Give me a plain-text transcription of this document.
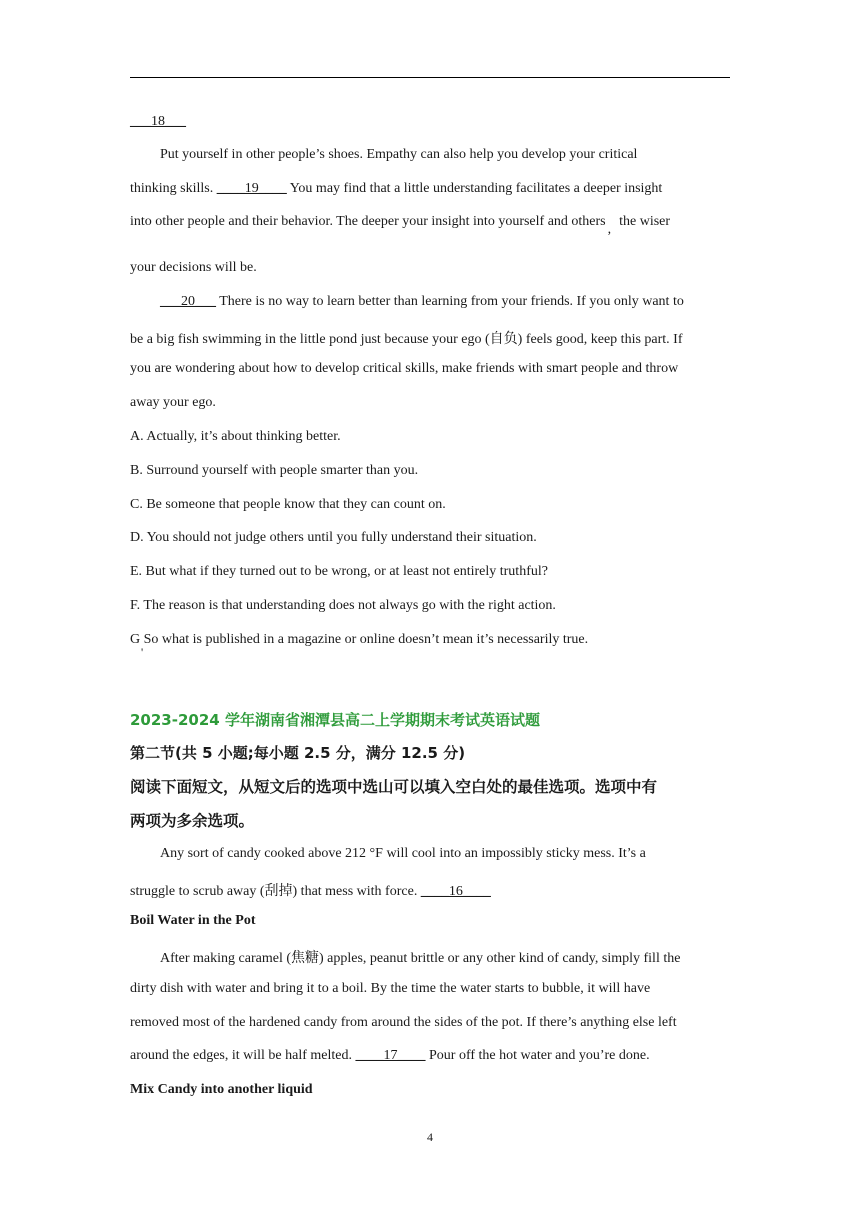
___18___
Put yourself in other people’s shoes. Empathy can also help you develop your critical
thinking skills. ____19____ You may find that a little understanding facilitates a deeper insight
into other people and their behavior. The deeper your insight into yourself and others,the wiser
your decisions will be.
___20___ There is no way to learn better than learning from your friends. If you only want to
be a big fish swimming in the little pond just because your ego (自负) feels good, keep this part. If
you are wondering about how to develop critical skills, make friends with smart people and throw
away your ego.
A. Actually, it’s about thinking better.
B. Surround yourself with people smarter than you.
C. Be someone that people know that they can count on.
D. You should not judge others until you fully understand their situation.
E. But what if they turned out to be wrong, or at least not entirely truthful?
F. The reason is that understanding does not always go with the right action.
G So what is published in a magazine or online doesn’t mean it’s necessarily true.
'
2023-2024 学年湖南省湘潭县高二上学期期末考试英语试题
第二节(共 5 小题;每小题 2.5 分，满分 12.5 分)
阅读下面短文，从短文后的选项中选山可以填入空白处的最佳选项。选项中有
两项为多余选项。
Any sort of candy cooked above 212 °F will cool into an impossibly sticky mess. It’s a
struggle to scrub away (刮掉) that mess with force. ____16____
Boil Water in the Pot
After making caramel (焦糖) apples, peanut brittle or any other kind of candy, simply fill the
dirty dish with water and bring it to a boil. By the time the water starts to bubble, it will have
removed most of the hardened candy from around the sides of the pot. If there’s anything else left
around the edges, it will be half melted. ____17____ Pour off the hot water and you’re done.
Mix Candy into another liquid
4
